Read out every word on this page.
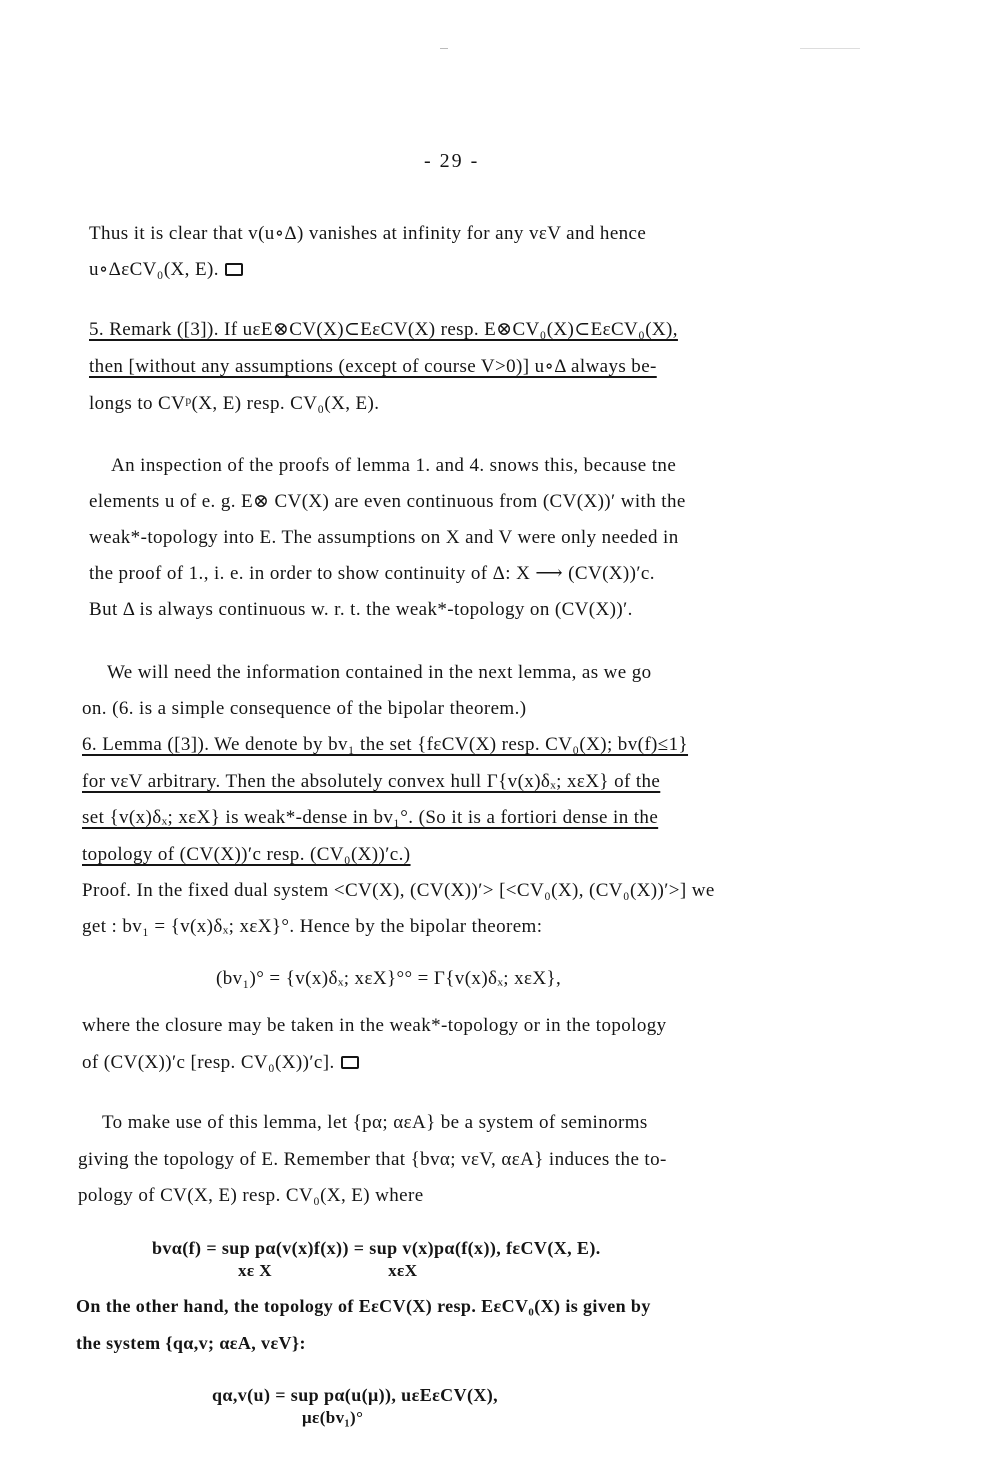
- 29 -
Thus it is clear that v(u∘Δ) vanishes at infinity for any vεV and hence
u∘ΔεCV₀(X, E).
5. Remark ([3]). If uεE⊗CV(X)⊂EεCV(X) resp. E⊗CV₀(X)⊂EεCV₀(X),
then [without any assumptions (except of course V>0)] u∘Δ always be-
longs to CVᵖ(X, E) resp. CV₀(X, E).
An inspection of the proofs of lemma 1. and 4. snows this, because tne
elements u of e. g. E⊗ CV(X) are even continuous from (CV(X))′ with the
weak*-topology into E. The assumptions on X and V were only needed in
the proof of 1., i. e. in order to show continuity of Δ: X ⟶ (CV(X))′c.
But Δ is always continuous w. r. t. the weak*-topology on (CV(X))′.
We will need the information contained in the next lemma, as we go
on. (6. is a simple consequence of the bipolar theorem.)
6. Lemma ([3]). We denote by bv₁ the set {fεCV(X) resp. CV₀(X); bv(f)≤1}
for vεV arbitrary. Then the absolutely convex hull Γ{v(x)δₓ; xεX} of the
set {v(x)δₓ; xεX} is weak*-dense in bv₁°. (So it is a fortiori dense in the
topology of (CV(X))′c resp. (CV₀(X))′c.)
Proof. In the fixed dual system <CV(X), (CV(X))′> [<CV₀(X), (CV₀(X))′>] we
get : bv₁ = {v(x)δₓ; xεX}°. Hence by the bipolar theorem:
(bv₁)° = {v(x)δₓ; xεX}°° = Γ{v(x)δₓ; xεX},
where the closure may be taken in the weak*-topology or in the topology
of (CV(X))′c [resp. CV₀(X))′c].
To make use of this lemma, let {pα; αεA} be a system of seminorms
giving the topology of E. Remember that {bvα; vεV, αεA} induces the to-
pology of CV(X, E) resp. CV₀(X, E) where
bvα(f) = sup pα(v(x)f(x)) = sup v(x)pα(f(x)), fεCV(X, E).
xε X                         xεX
On the other hand, the topology of EεCV(X) resp. EεCV₀(X) is given by
the system {qα,v; αεA, vεV}:
qα,v(u) = sup pα(u(μ)), uεEεCV(X),
με(bv₁)°
